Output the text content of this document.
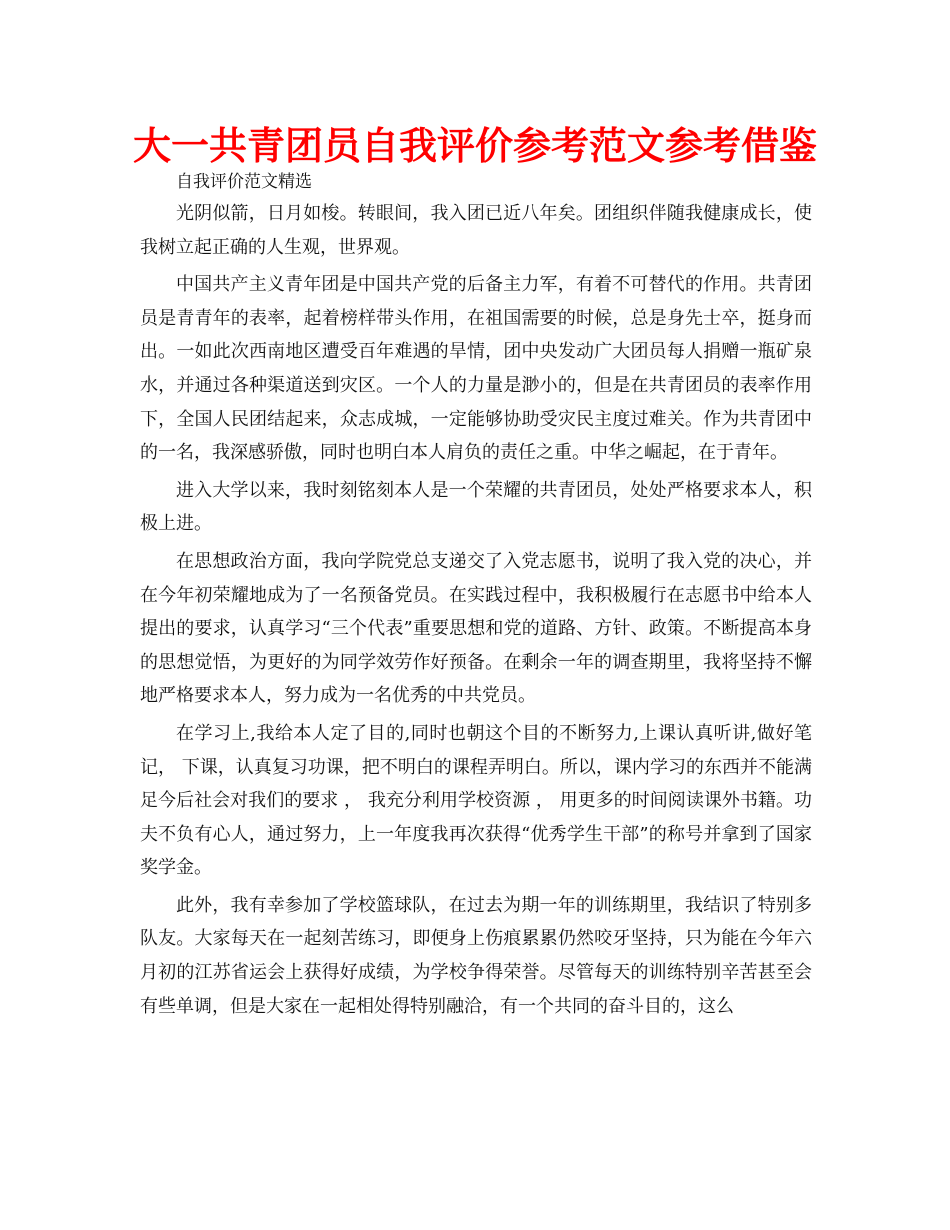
大一共青团员自我评价参考范文参考借鉴

自我评价范文精选

光阴似箭，日月如梭。转眼间，我入团已近八年矣。团组织伴随我健康成长，使我树立起正确的人生观，世界观。

中国共产主义青年团是中国共产党的后备主力军，有着不可替代的作用。共青团员是青青年的表率，起着榜样带头作用，在祖国需要的时候，总是身先士卒，挺身而出。一如此次西南地区遭受百年难遇的旱情，团中央发动广大团员每人捐赠一瓶矿泉水，并通过各种渠道送到灾区。一个人的力量是渺小的，但是在共青团员的表率作用下，全国人民团结起来，众志成城，一定能够协助受灾民主度过难关。作为共青团中的一名，我深感骄傲，同时也明白本人肩负的责任之重。中华之崛起，在于青年。

进入大学以来，我时刻铭刻本人是一个荣耀的共青团员，处处严格要求本人，积极上进。

在思想政治方面，我向学院党总支递交了入党志愿书，说明了我入党的决心，并在今年初荣耀地成为了一名预备党员。在实践过程中，我积极履行在志愿书中给本人提出的要求，认真学习“三个代表”重要思想和党的道路、方针、政策。不断提高本身的思想觉悟，为更好的为同学效劳作好预备。在剩余一年的调查期里，我将坚持不懈地严格要求本人，努力成为一名优秀的中共党员。

在学习上,我给本人定了目的,同时也朝这个目的不断努力,上课认真听讲,做好笔记， 下课，认真复习功课，把不明白的课程弄明白。所以，课内学习的东西并不能满足今后社会对我们的要求 ， 我充分利用学校资源 ， 用更多的时间阅读课外书籍。功夫不负有心人，通过努力，上一年度我再次获得“优秀学生干部”的称号并拿到了国家奖学金。

此外，我有幸参加了学校篮球队，在过去为期一年的训练期里，我结识了特别多队友。大家每天在一起刻苦练习，即便身上伤痕累累仍然咬牙坚持，只为能在今年六月初的江苏省运会上获得好成绩，为学校争得荣誉。尽管每天的训练特别辛苦甚至会有些单调，但是大家在一起相处得特别融洽，有一个共同的奋斗目的，这么
